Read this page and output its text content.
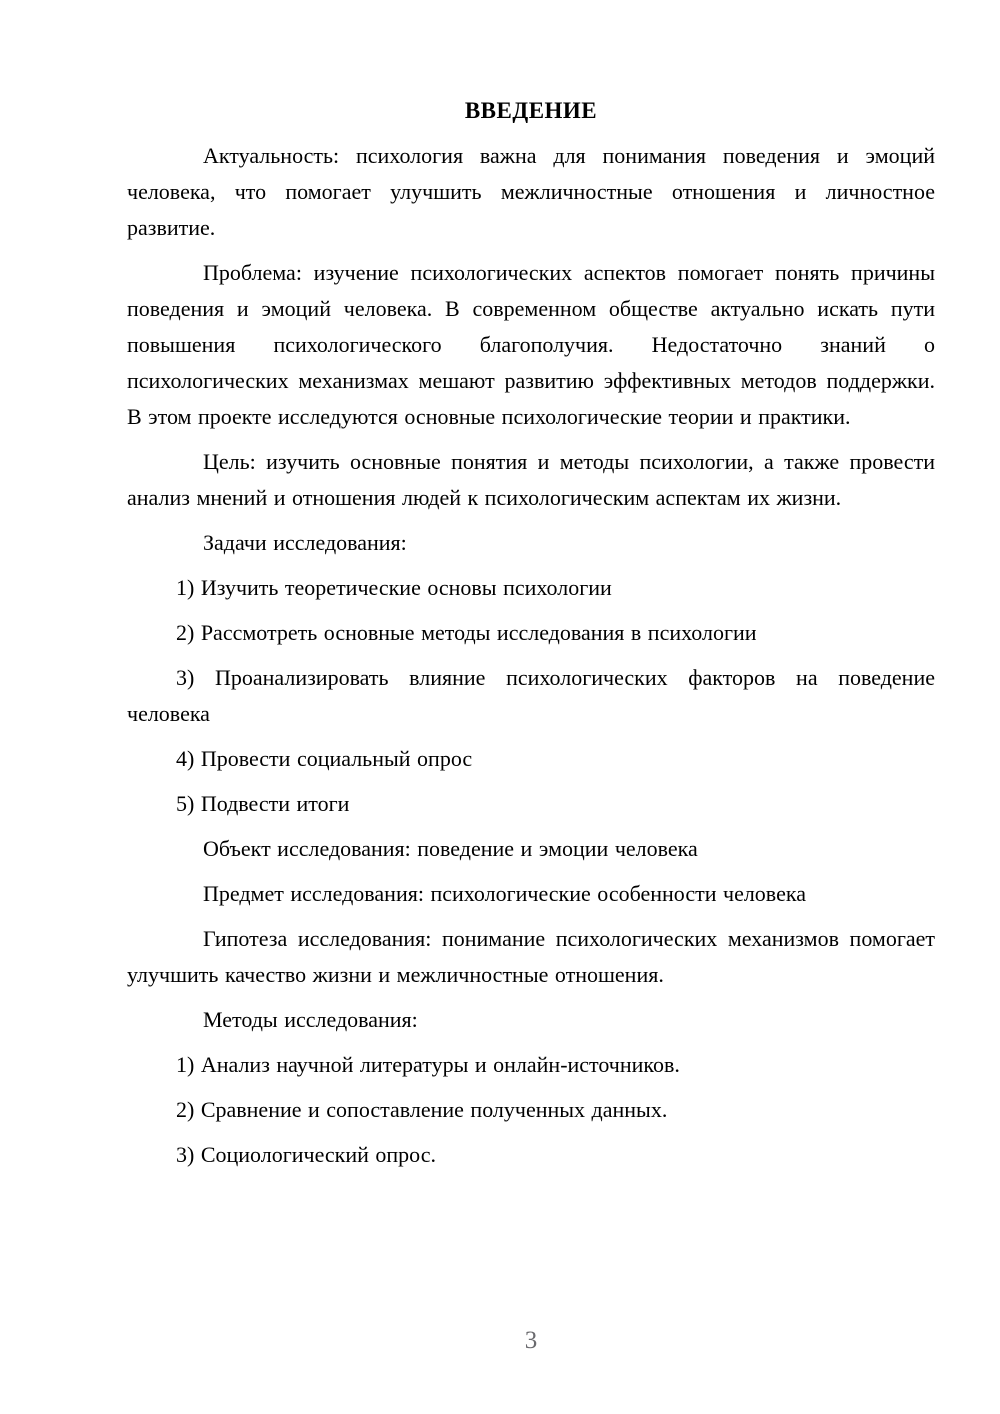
ВВЕДЕНИЕ

Актуальность: психология важна для понимания поведения и эмоций человека, что помогает улучшить межличностные отношения и личностное развитие.

Проблема: изучение психологических аспектов помогает понять причины поведения и эмоций человека. В современном обществе актуально искать пути повышения психологического благополучия. Недостаточно знаний о психологических механизмах мешают развитию эффективных методов поддержки. В этом проекте исследуются основные психологические теории и практики.

Цель: изучить основные понятия и методы психологии, а также провести анализ мнений и отношения людей к психологическим аспектам их жизни.

Задачи исследования:

1) Изучить теоретические основы психологии

2) Рассмотреть основные методы исследования в психологии

3) Проанализировать влияние психологических факторов на поведение человека

4) Провести социальный опрос

5) Подвести итоги

Объект исследования: поведение и эмоции человека

Предмет исследования: психологические особенности человека

Гипотеза исследования: понимание психологических механизмов помогает улучшить качество жизни и межличностные отношения.

Методы исследования:

1) Анализ научной литературы и онлайн-источников.

2) Сравнение и сопоставление полученных данных.

3) Социологический опрос.

3
